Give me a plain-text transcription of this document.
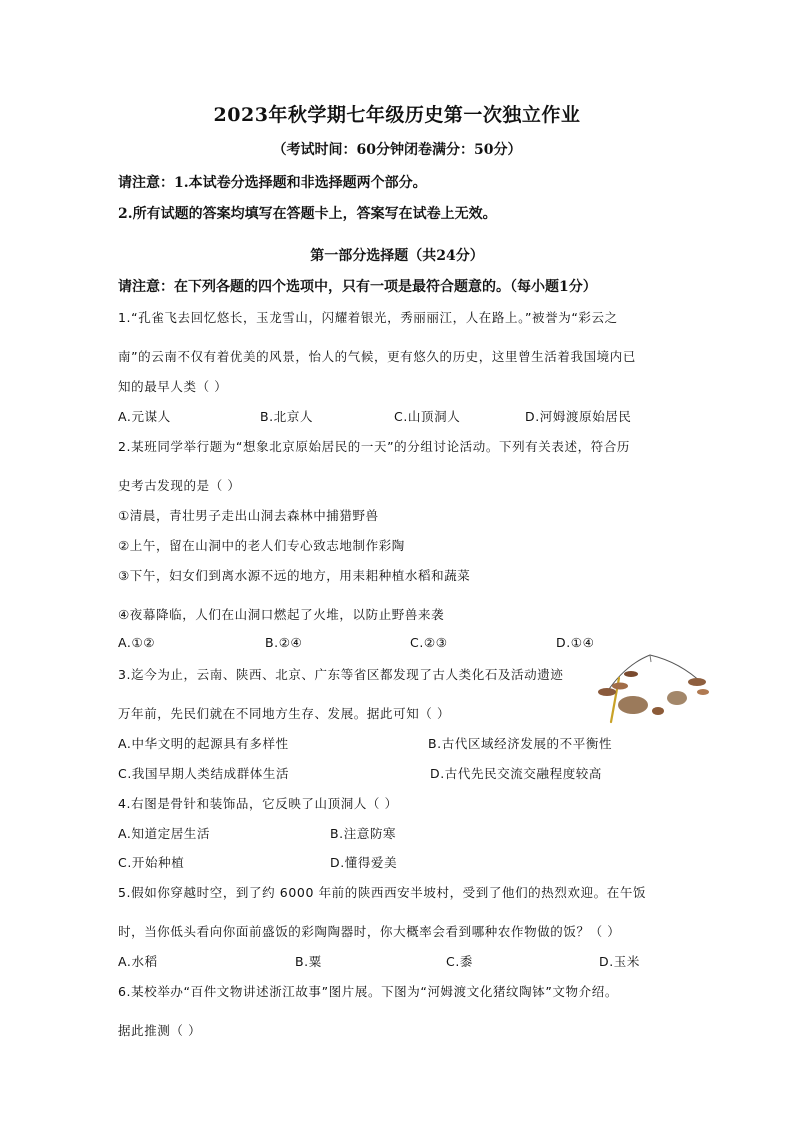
2023年秋学期七年级历史第一次独立作业
（考试时间：60分钟闭卷满分：50分）
请注意：1.本试卷分选择题和非选择题两个部分。
2.所有试题的答案均填写在答题卡上，答案写在试卷上无效。
第一部分选择题（共24分）
请注意：在下列各题的四个选项中，只有一项是最符合题意的。（每小题1分）
1.“孔雀飞去回忆悠长，玉龙雪山，闪耀着银光，秀丽丽江，人在路上。”被誉为“彩云之
南”的云南不仅有着优美的风景，怡人的气候，更有悠久的历史，这里曾生活着我国境内已
知的最早人类（ ）
A.元谋人	B.北京人	C.山顶洞人	D.河姆渡原始居民
2.某班同学举行题为“想象北京原始居民的一天”的分组讨论活动。下列有关表述，符合历
史考古发现的是（ ）
①清晨，青壮男子走出山洞去森林中捕猎野兽
②上午，留在山洞中的老人们专心致志地制作彩陶
③下午，妇女们到离水源不远的地方，用耒耜种植水稻和蔬菜
④夜幕降临，人们在山洞口燃起了火堆，以防止野兽来袭
A.①②	B.②④	C.②③	D.①④
3.迄今为止，云南、陕西、北京、广东等省区都发现了古人类化石及活动遗迹
万年前，先民们就在不同地方生存、发展。据此可知（ ）
A.中华文明的起源具有多样性	B.古代区域经济发展的不平衡性
C.我国早期人类结成群体生活	D.古代先民交流交融程度较高
4.右图是骨针和装饰品，它反映了山顶洞人（ ）
A.知道定居生活	B.注意防寒
C.开始种植	D.懂得爱美
5.假如你穿越时空，到了约 6000 年前的陕西西安半坡村，受到了他们的热烈欢迎。在午饭
时，当你低头看向你面前盛饭的彩陶陶器时，你大概率会看到哪种农作物做的饭？（ ）
A.水稻	B.粟	C.黍	D.玉米
6.某校举办“百件文物讲述浙江故事”图片展。下图为“河姆渡文化猪纹陶钵”文物介绍。
据此推测（ ）
